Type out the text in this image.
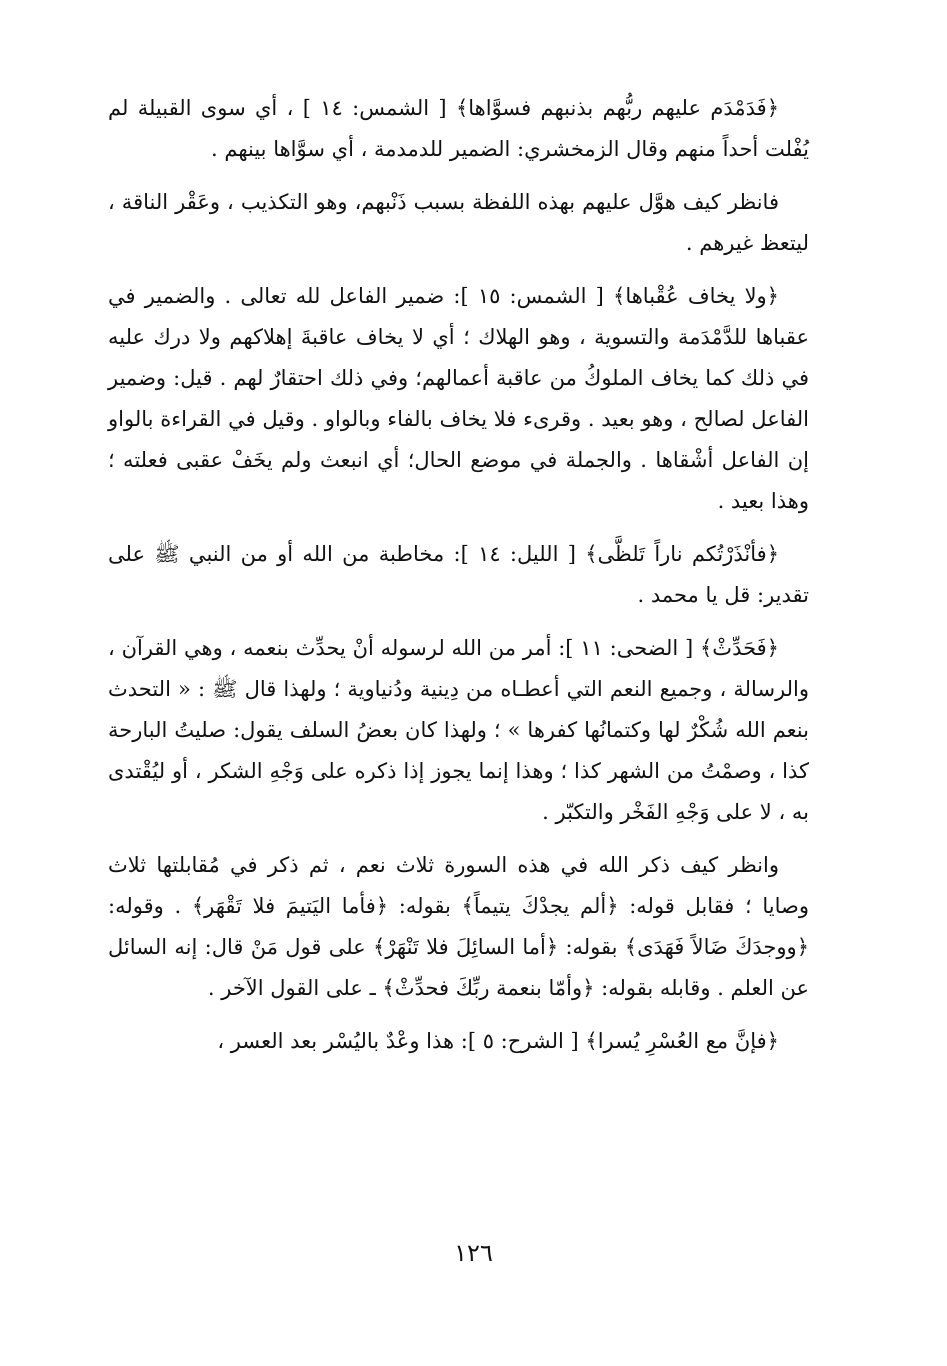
﴿فَدَمْدَم عليهم ربُّهم بذنبهم فسوَّاها﴾ [ الشمس: ١٤ ] ، أي سوى القبيلة لم يُفْلت أحداً منهم وقال الزمخشري: الضمير للدمدمة ، أي سوَّاها بينهم .

فانظر كيف هوَّل عليهم بهذه اللفظة بسبب ذَنْبهم، وهو التكذيب ، وعَقْر الناقة ، ليتعظ غيرهم .

﴿ولا يخاف عُقْباها﴾ [ الشمس: ١٥ ]: ضمير الفاعل لله تعالى . والضمير في عقباها للدَّمْدَمة والتسوية ، وهو الهلاك ؛ أي لا يخاف عاقبةَ إهلاكهم ولا درك عليه في ذلك كما يخاف الملوكُ من عاقبة أعمالهم؛ وفي ذلك احتقارٌ لهم . قيل: وضمير الفاعل لصالح ، وهو بعيد . وقرىء فلا يخاف بالفاء وبالواو . وقيل في القراءة بالواو إن الفاعل أشْقاها . والجملة في موضع الحال؛ أي انبعث ولم يخَفْ عقبى فعلته ؛ وهذا بعيد .

﴿فأنْذَرْتُكم ناراً تَلظَّى﴾ [ الليل: ١٤ ]: مخاطبة من الله أو من النبي ﷺ على تقدير: قل يا محمد .

﴿فَحَدِّثْ﴾ [ الضحى: ١١ ]: أمر من الله لرسوله أنْ يحدِّث بنعمه ، وهي القرآن ، والرسالة ، وجميع النعم التي أعطـاه من دِينية ودُنياوية ؛ ولهذا قال ﷺ : « التحدث بنعم الله شُكْرٌ لها وكتمانُها كفرها » ؛ ولهذا كان بعضُ السلف يقول: صليتُ البارحة كذا ، وصمْتُ من الشهر كذا ؛ وهذا إنما يجوز إذا ذكره على وَجْهِ الشكر ، أو ليُقْتدى به ، لا على وَجْهِ الفَخْر والتكبّر .

وانظر كيف ذكر الله في هذه السورة ثلاث نعم ، ثم ذكر في مُقابلتها ثلاث وصايا ؛ فقابل قوله: ﴿ألم يجدْكَ يتيماً﴾ بقوله: ﴿فأما اليَتيمَ فلا تَقْهَر﴾ . وقوله: ﴿ووجدَكَ ضَالاً فَهَدَى﴾ بقوله: ﴿أما السائِلَ فلا تَنْهَرْ﴾ على قول مَنْ قال: إنه السائل عن العلم . وقابله بقوله: ﴿وأمّا بنعمة ربِّكَ فحدِّثْ﴾ ـ على القول الآخر .

﴿فإنَّ مع العُسْرِ يُسرا﴾ [ الشرح: ٥ ]: هذا وعْدٌ باليُسْر بعد العسر ،

١٢٦
